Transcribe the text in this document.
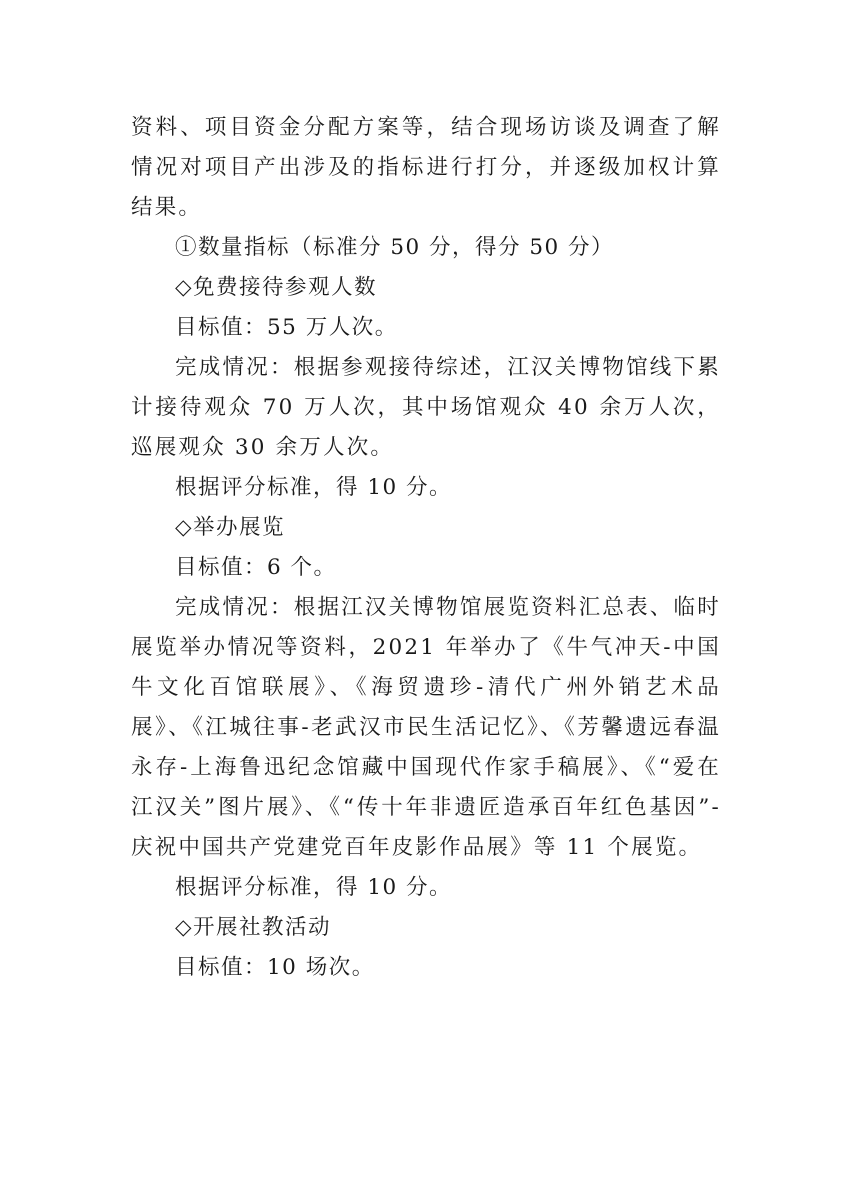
资料、项目资金分配方案等，结合现场访谈及调查了解情况对项目产出涉及的指标进行打分，并逐级加权计算结果。

①数量指标（标准分 50 分，得分 50 分）

◇免费接待参观人数

目标值：55 万人次。

完成情况：根据参观接待综述，江汉关博物馆线下累计接待观众 70 万人次，其中场馆观众 40 余万人次，巡展观众 30 余万人次。

根据评分标准，得 10 分。

◇举办展览

目标值：6 个。

完成情况：根据江汉关博物馆展览资料汇总表、临时展览举办情况等资料，2021 年举办了《牛气冲天-中国牛文化百馆联展》、《海贸遗珍-清代广州外销艺术品展》、《江城往事-老武汉市民生活记忆》、《芳馨遗远春温永存-上海鲁迅纪念馆藏中国现代作家手稿展》、《“爱在江汉关”图片展》、《“传十年非遗匠造承百年红色基因”-庆祝中国共产党建党百年皮影作品展》等 11 个展览。

根据评分标准，得 10 分。

◇开展社教活动

目标值：10 场次。
